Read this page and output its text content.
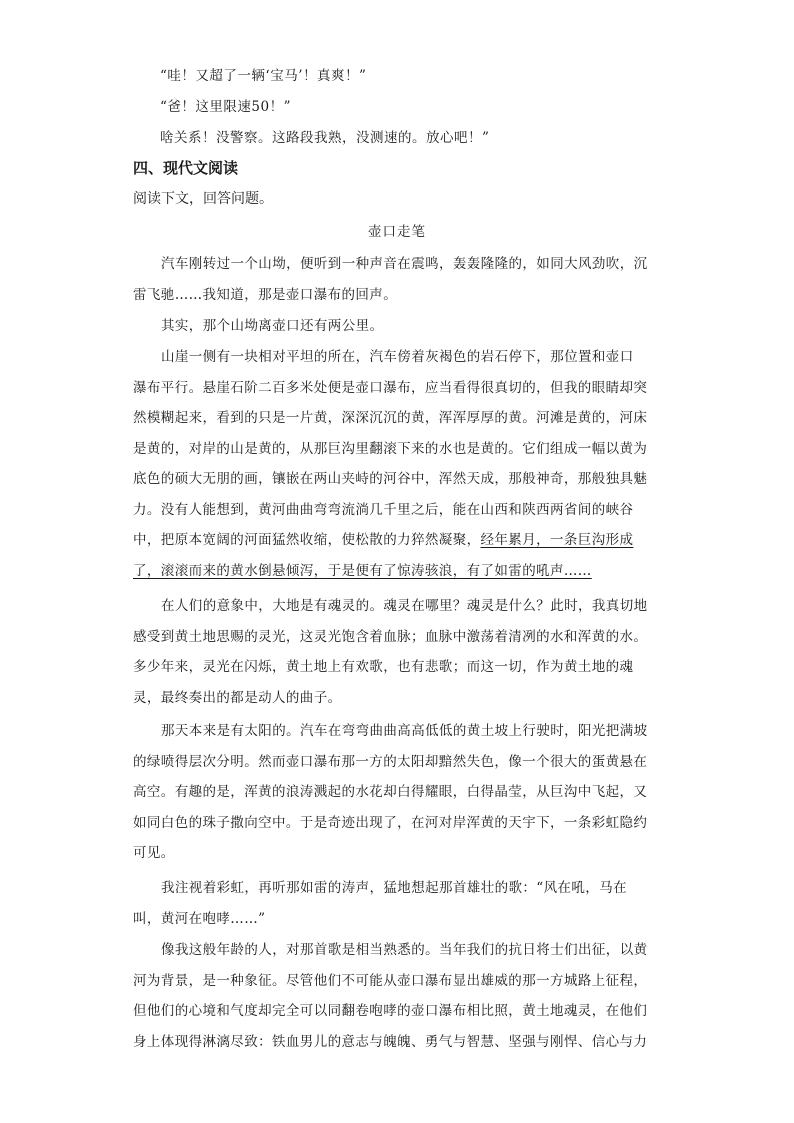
“哇！又超了一辆‘宝马’！真爽！”
“爸！这里限速50！”
啥关系！没警察。这路段我熟，没测速的。放心吧！”
四、现代文阅读
阅读下文，回答问题。
壶口走笔
汽车刚转过一个山坳，便听到一种声音在震鸣，轰轰隆隆的，如同大风劲吹，沉
雷飞驰……我知道，那是壶口瀑布的回声。
其实，那个山坳离壶口还有两公里。
山崖一侧有一块相对平坦的所在，汽车傍着灰褐色的岩石停下，那位置和壶口
瀑布平行。悬崖石阶二百多米处便是壶口瀑布，应当看得很真切的，但我的眼睛却突
然模糊起来，看到的只是一片黄，深深沉沉的黄，浑浑厚厚的黄。河滩是黄的，河床
是黄的，对岸的山是黄的，从那巨沟里翻滚下来的水也是黄的。它们组成一幅以黄为
底色的硕大无朋的画，镶嵌在两山夹峙的河谷中，浑然天成，那般神奇，那般独具魅
力。没有人能想到，黄河曲曲弯弯流淌几千里之后，能在山西和陕西两省间的峡谷
中，把原本宽阔的河面猛然收缩，使松散的力猝然凝聚，经年累月，一条巨沟形成
了，滚滚而来的黄水倒悬倾泻，于是便有了惊涛骇浪，有了如雷的吼声……
在人们的意象中，大地是有魂灵的。魂灵在哪里？魂灵是什么？此时，我真切地
感受到黄土地思赐的灵光，这灵光饱含着血脉；血脉中激荡着清冽的水和浑黄的水。
多少年来，灵光在闪烁，黄土地上有欢歌，也有悲歌；而这一切，作为黄土地的魂
灵，最终奏出的都是动人的曲子。
那天本来是有太阳的。汽车在弯弯曲曲高高低低的黄土坡上行驶时，阳光把满坡
的绿喷得层次分明。然而壶口瀑布那一方的太阳却黯然失色，像一个很大的蛋黄悬在
高空。有趣的是，浑黄的浪涛溅起的水花却白得耀眼，白得晶莹，从巨沟中飞起，又
如同白色的珠子撒向空中。于是奇迹出现了，在河对岸浑黄的天宇下，一条彩虹隐约
可见。
我注视着彩虹，再听那如雷的涛声，猛地想起那首雄壮的歌：“风在吼，马在
叫，黄河在咆哮……”
像我这般年龄的人，对那首歌是相当熟悉的。当年我们的抗日将士们出征，以黄
河为背景，是一种象征。尽管他们不可能从壶口瀑布显出雄威的那一方城路上征程，
但他们的心境和气度却完全可以同翻卷咆哮的壶口瀑布相比照，黄土地魂灵，在他们
身上体现得淋漓尽致：铁血男儿的意志与魄魄、勇气与智慧、坚强与刚悍、信心与力
